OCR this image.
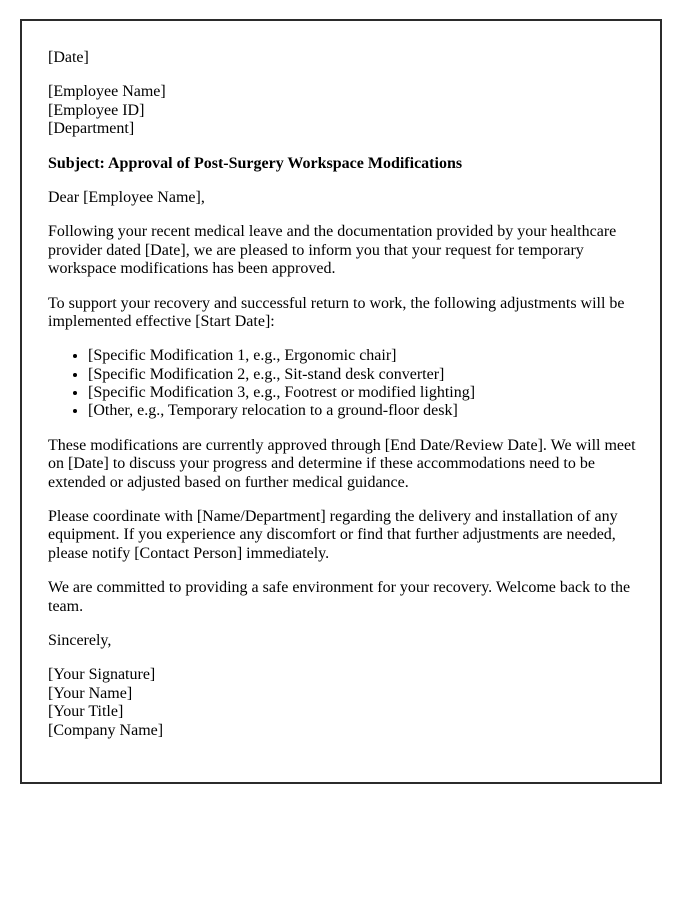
[Date]

[Employee Name]
[Employee ID]
[Department]

Subject: Approval of Post-Surgery Workspace Modifications

Dear [Employee Name],

Following your recent medical leave and the documentation provided by your healthcare provider dated [Date], we are pleased to inform you that your request for temporary workspace modifications has been approved.

To support your recovery and successful return to work, the following adjustments will be implemented effective [Start Date]:

• [Specific Modification 1, e.g., Ergonomic chair]
• [Specific Modification 2, e.g., Sit-stand desk converter]
• [Specific Modification 3, e.g., Footrest or modified lighting]
• [Other, e.g., Temporary relocation to a ground-floor desk]

These modifications are currently approved through [End Date/Review Date]. We will meet on [Date] to discuss your progress and determine if these accommodations need to be extended or adjusted based on further medical guidance.

Please coordinate with [Name/Department] regarding the delivery and installation of any equipment. If you experience any discomfort or find that further adjustments are needed, please notify [Contact Person] immediately.

We are committed to providing a safe environment for your recovery. Welcome back to the team.

Sincerely,

[Your Signature]
[Your Name]
[Your Title]
[Company Name]
